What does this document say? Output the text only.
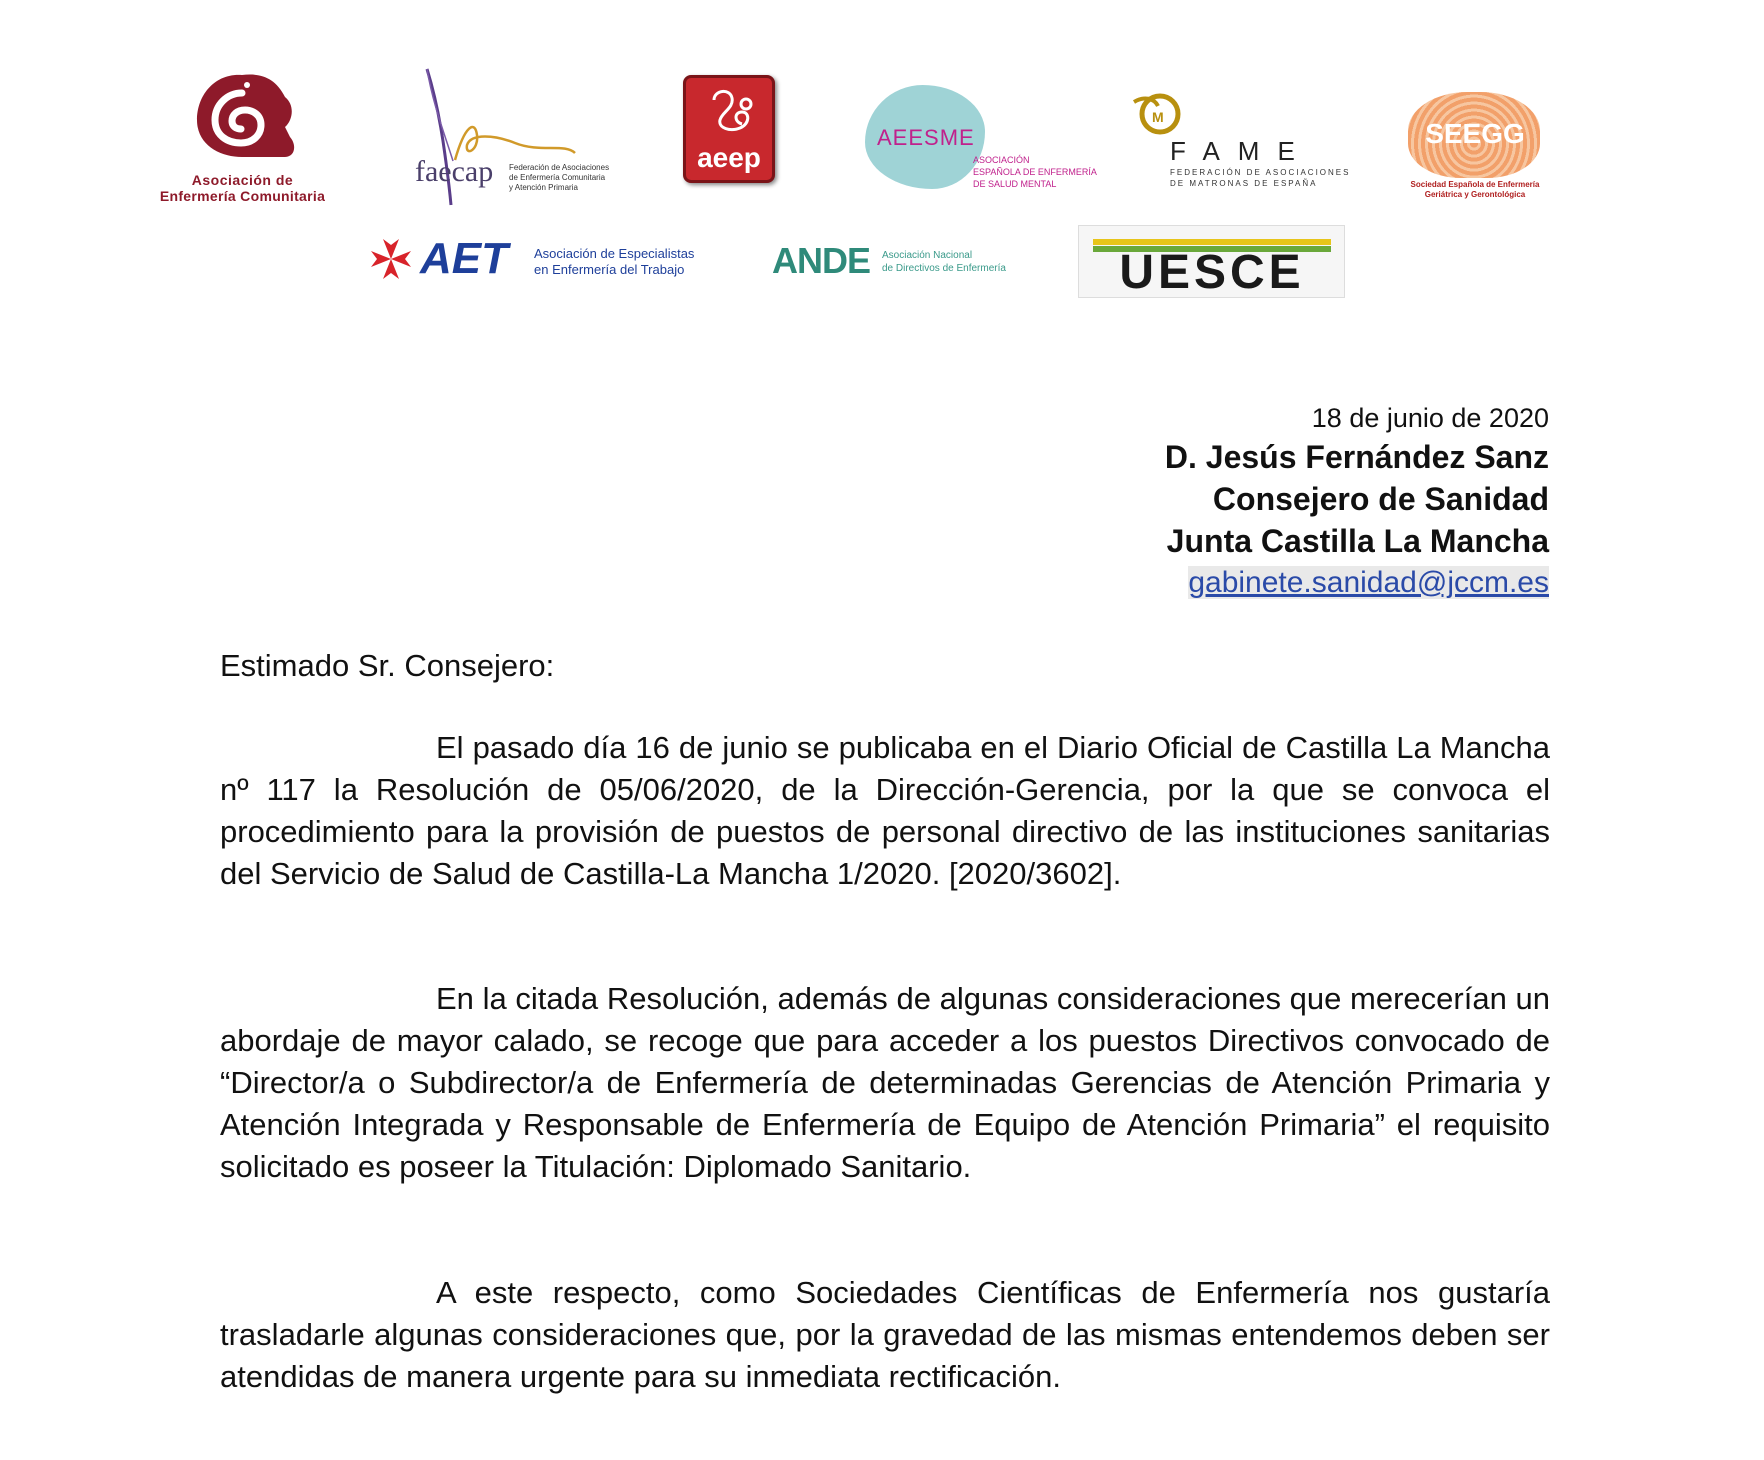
Asociación de
Enfermería Comunitaria
faecap Federación de Asociaciones
de Enfermería Comunitaria
y Atención Primaria
aeep
AEESME
ASOCIACIÓN
ESPAÑOLA DE ENFERMERÍA
DE SALUD MENTAL
M
FAME
FEDERACIÓN DE ASOCIACIONES
DE MATRONAS DE ESPAÑA
SEEGG
Sociedad Española de Enfermería
Geriátrica y Gerontológica
AET Asociación de Especialistas
en Enfermería del Trabajo ANDE Asociación Nacional
de Directivos de Enfermería	UESCE
18 de junio de 2020
D. Jesús Fernández Sanz
Consejero de Sanidad
Junta Castilla La Mancha
gabinete.sanidad@jccm.es
Estimado Sr. Consejero:

El pasado día 16 de junio se publicaba en el Diario Oficial de Castilla La Mancha nº 117 la Resolución de 05/06/2020, de la Dirección-Gerencia, por la que se convoca el procedimiento para la provisión de puestos de personal directivo de las instituciones sanitarias del Servicio de Salud de Castilla-La Mancha 1/2020. [2020/3602].

En la citada Resolución, además de algunas consideraciones que merecerían un abordaje de mayor calado, se recoge que para acceder a los puestos Directivos convocado de “Director/a o Subdirector/a de Enfermería de determinadas Gerencias de Atención Primaria y Atención Integrada y Responsable de Enfermería de Equipo de Atención Primaria” el requisito solicitado es poseer la Titulación: Diplomado Sanitario.

A este respecto, como Sociedades Científicas de Enfermería nos gustaría trasladarle algunas consideraciones que, por la gravedad de las mismas entendemos deben ser atendidas de manera urgente para su inmediata rectificación.
